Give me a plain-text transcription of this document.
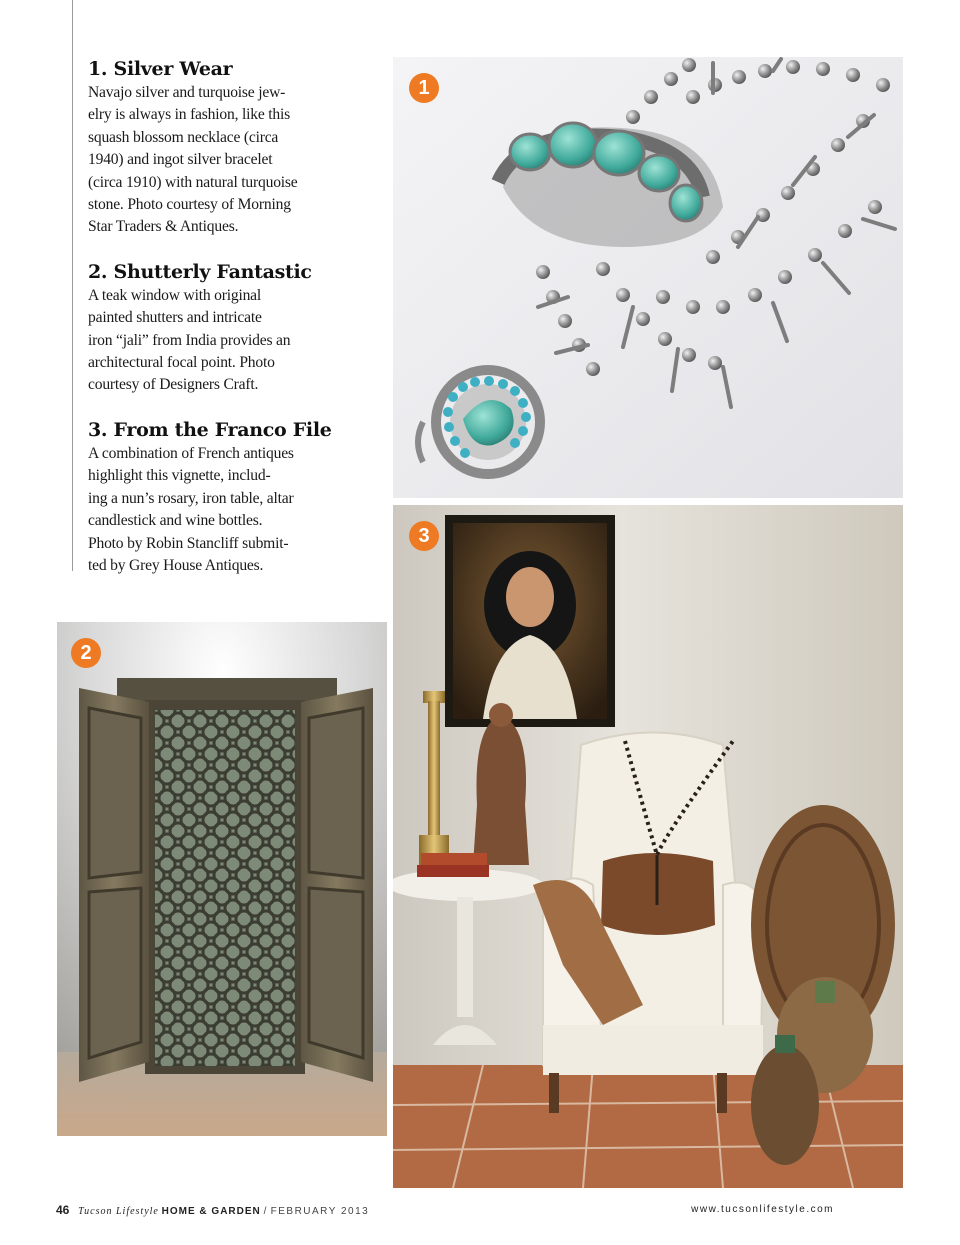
1. Silver Wear

Navajo silver and turquoise jew-
elry is always in fashion, like this
squash blossom necklace (circa
1940) and ingot silver bracelet
(circa 1910) with natural turquoise
stone. Photo courtesy of Morning
Star Traders & Antiques.

2. Shutterly Fantastic

A teak window with original
painted shutters and intricate
iron “jali” from India provides an
architectural focal point. Photo
courtesy of Designers Craft.

3. From the Franco File

A combination of French antiques
highlight this vignette, includ-
ing a nun’s rosary, iron table, altar
candlestick and wine bottles.
Photo by Robin Stancliff submit-
ted by Grey House Antiques.

1
2
3
46 Tucson Lifestyle HOME & GARDEN / FEBRUARY 2013	www.tucsonlifestyle.com
